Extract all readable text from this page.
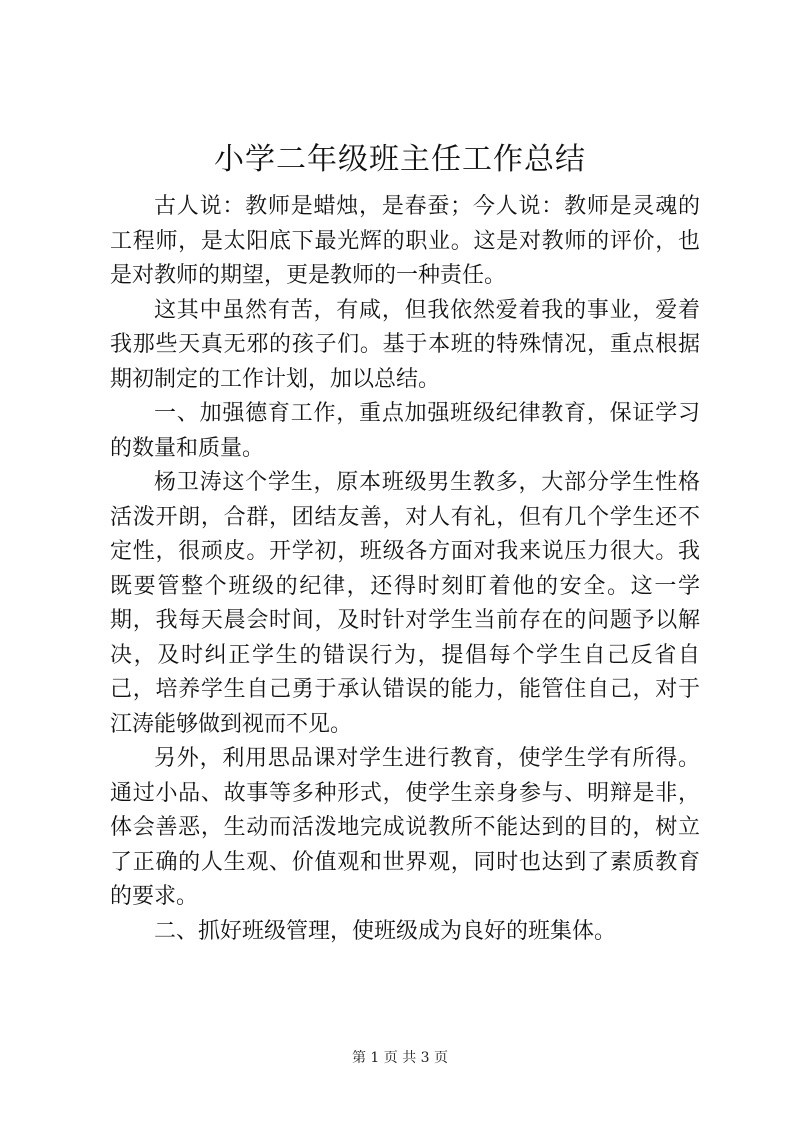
小学二年级班主任工作总结

古人说：教师是蜡烛，是春蚕；今人说：教师是灵魂的工程师，是太阳底下最光辉的职业。这是对教师的评价，也是对教师的期望，更是教师的一种责任。

这其中虽然有苦，有咸，但我依然爱着我的事业，爱着我那些天真无邪的孩子们。基于本班的特殊情况，重点根据期初制定的工作计划，加以总结。

一、加强德育工作，重点加强班级纪律教育，保证学习的数量和质量。

杨卫涛这个学生，原本班级男生教多，大部分学生性格活泼开朗，合群，团结友善，对人有礼，但有几个学生还不定性，很顽皮。开学初，班级各方面对我来说压力很大。我既要管整个班级的纪律，还得时刻盯着他的安全。这一学期，我每天晨会时间，及时针对学生当前存在的问题予以解决，及时纠正学生的错误行为，提倡每个学生自己反省自己，培养学生自己勇于承认错误的能力，能管住自己，对于江涛能够做到视而不见。

另外，利用思品课对学生进行教育，使学生学有所得。通过小品、故事等多种形式，使学生亲身参与、明辩是非，体会善恶，生动而活泼地完成说教所不能达到的目的，树立了正确的人生观、价值观和世界观，同时也达到了素质教育的要求。

二、抓好班级管理，使班级成为良好的班集体。

第 1 页 共 3 页
